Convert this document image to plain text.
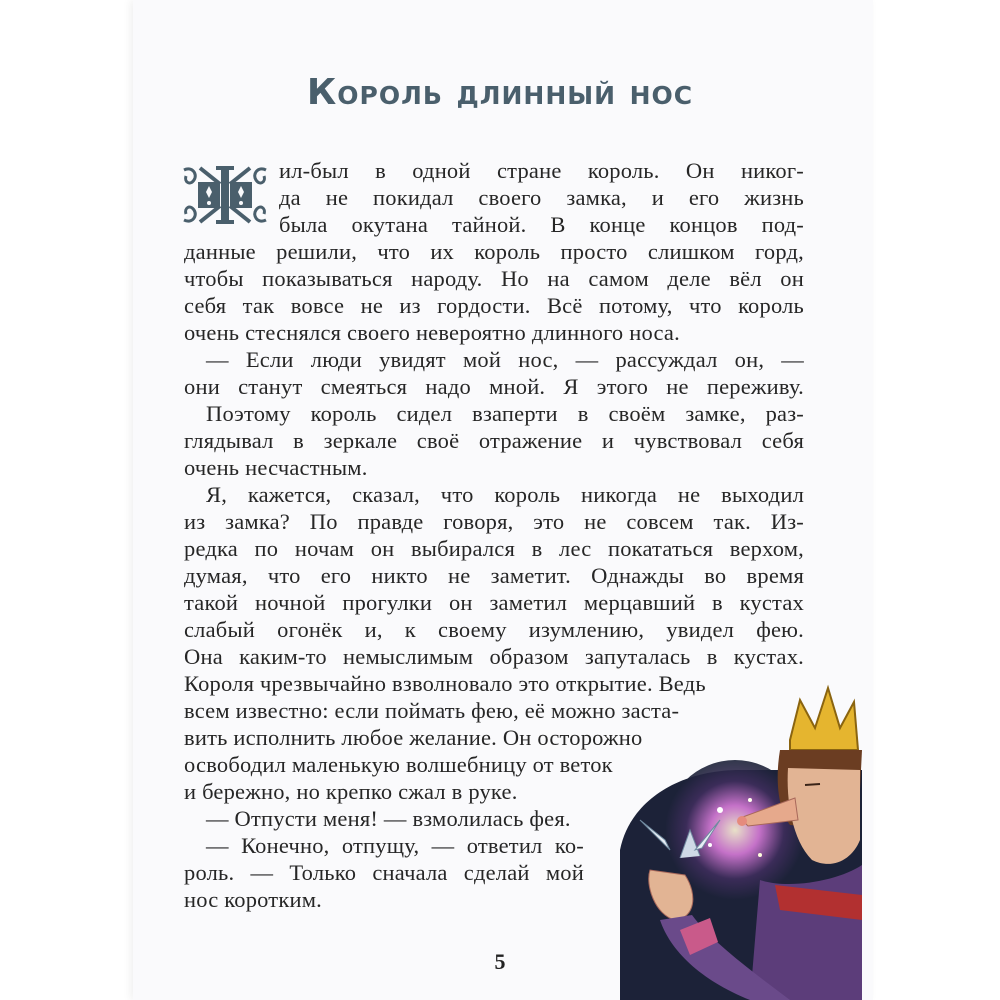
Король длинный нос
ил-был в одной стране король. Он никог-
да не покидал своего замка, и его жизнь
была окутана тайной. В конце концов под-
данные решили, что их король просто слишком горд,
чтобы показываться народу. Но на самом деле вёл он
себя так вовсе не из гордости. Всё потому, что король
очень стеснялся своего невероятно длинного носа.
— Если люди увидят мой нос, — рассуждал он, —
они станут смеяться надо мной. Я этого не переживу.
Поэтому король сидел взаперти в своём замке, раз-
глядывал в зеркале своё отражение и чувствовал себя
очень несчастным.
Я, кажется, сказал, что король никогда не выходил
из замка? По правде говоря, это не совсем так. Из-
редка по ночам он выбирался в лес покататься верхом,
думая, что его никто не заметит. Однажды во время
такой ночной прогулки он заметил мерцавший в кустах
слабый огонёк и, к своему изумлению, увидел фею.
Она каким-то немыслимым образом запуталась в кустах.
Короля чрезвычайно взволновало это открытие. Ведь
всем известно: если поймать фею, её можно заста-
вить исполнить любое желание. Он осторожно
освободил маленькую волшебницу от веток
и бережно, но крепко сжал в руке.
— Отпусти меня! — взмолилась фея.
— Конечно, отпущу, — ответил ко-
роль. — Только сначала сделай мой
нос коротким.
5
